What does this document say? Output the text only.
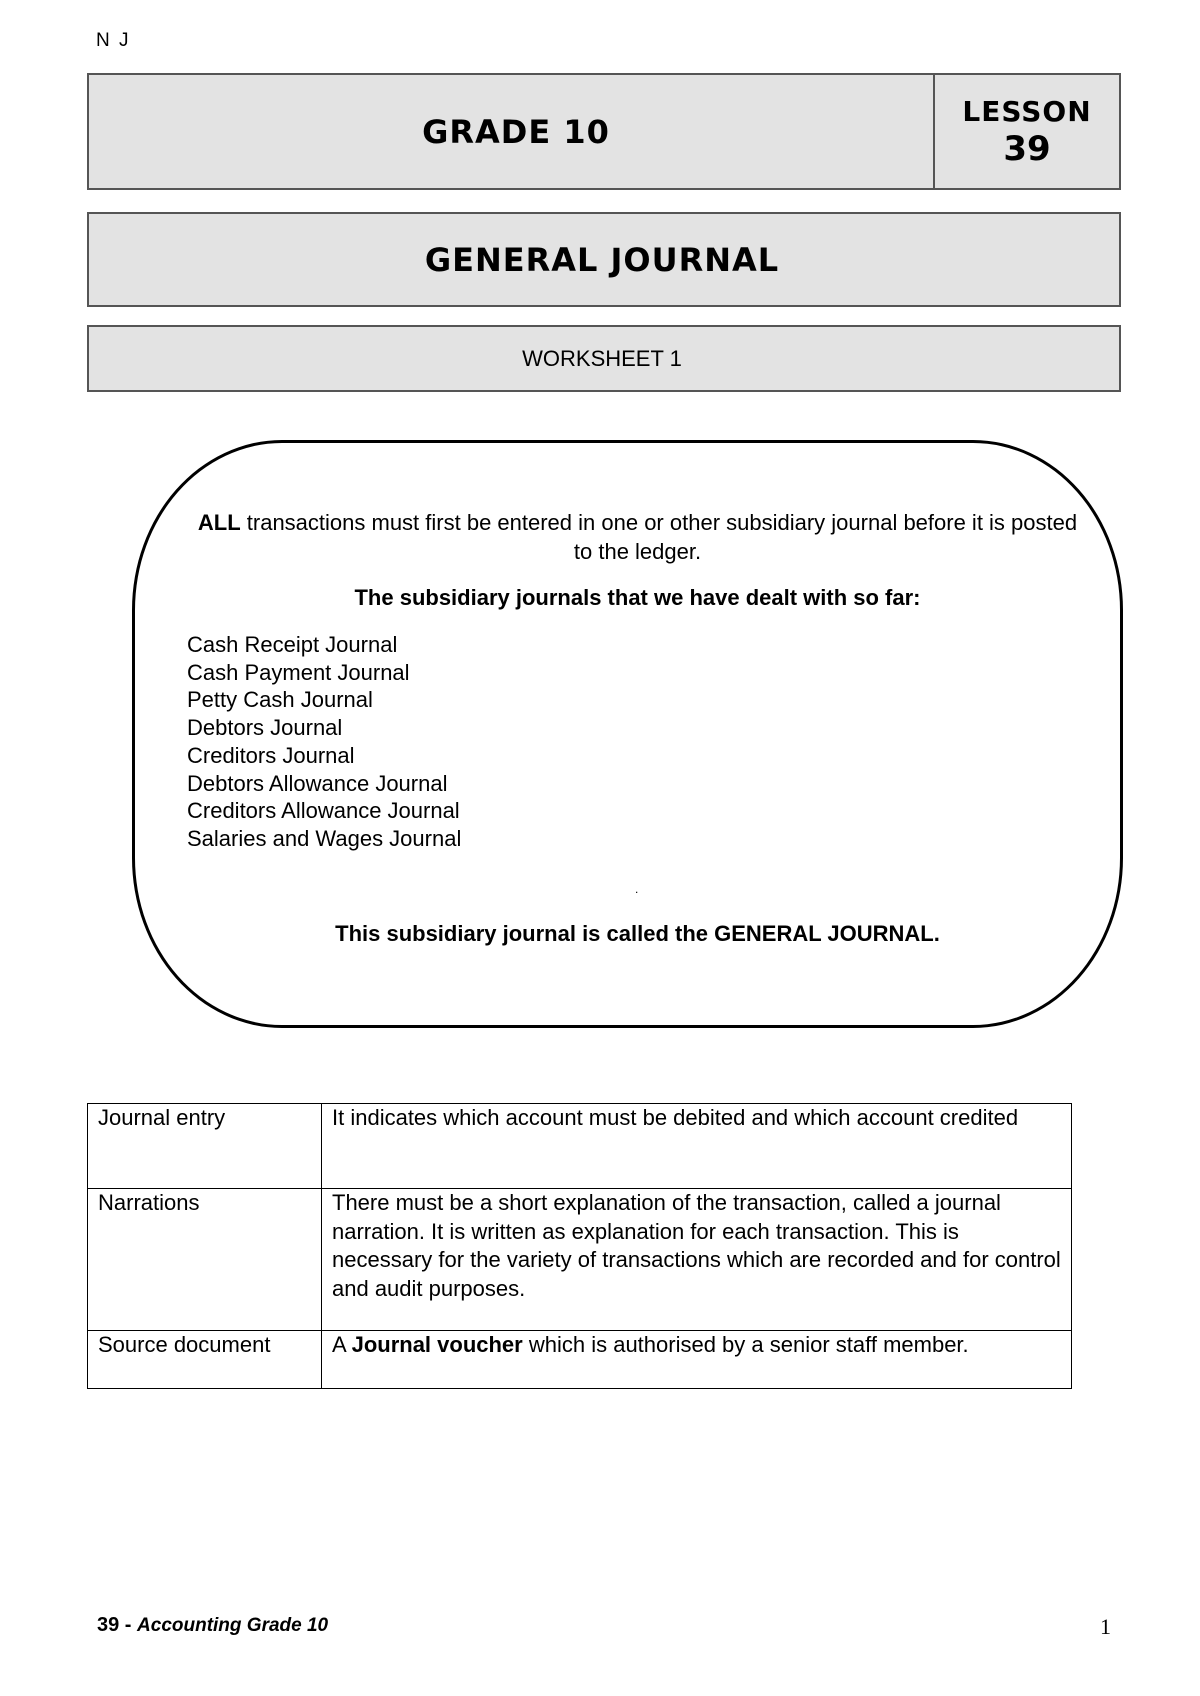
N J
GRADE 10
LESSON
39
GENERAL JOURNAL
WORKSHEET 1
ALL transactions must first be entered in one or other subsidiary journal before it is posted to the ledger.
The subsidiary journals that we have dealt with so far:
Cash Receipt Journal
Cash Payment Journal
Petty Cash Journal
Debtors Journal
Creditors Journal
Debtors Allowance Journal
Creditors Allowance Journal
Salaries and Wages Journal
.
This subsidiary journal is called the GENERAL JOURNAL.
Journal entry	It indicates which account must be debited and which account credited
Narrations	There must be a short explanation of the transaction, called a journal narration. It is written as explanation for each transaction. This is necessary for the variety of transactions which are recorded and for control and audit purposes.
Source document	A Journal voucher which is authorised by a senior staff member.
39 - Accounting Grade 10	1
